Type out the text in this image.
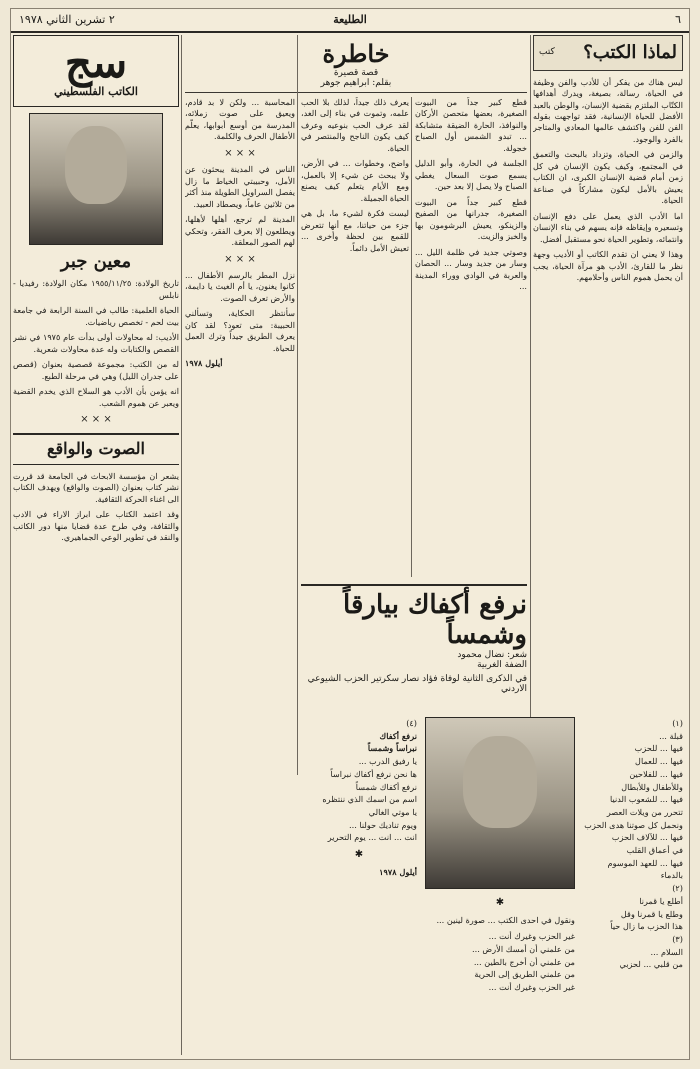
٦
الطليعة
٢ تشرين الثاني ١٩٧٨
لماذا الكتب؟
كتب

ليس هناك من يفكر أن للأدب والفن وظيفة في الحياة، رسالة، بصيغة، ويدرك أهدافها الكتّاب الملتزم بقضية الإنسان، والوطن بالعبد الأفضل للحياة الإنسانية، فقد تواجهت بقوله الفن للفن واكتشف عالمها المعادي والمتاجر بالفرد والوجود.

والزمن في الحياة، وتزداد بالبحث والتعمق في المجتمع، وكيف يكون الإنسان في كل زمن أمام قضية الإنسان الكبرى، ان الكتاب يعيش بالأمل ليكون مشاركاً في صناعة الحياة.

اما الأدب الذي يعمل على دفع الإنسان وتسعيره وإيقاظه فإنه يسهم في بناء الإنسان وانتمائه، وتطوير الحياة نحو مستقبل أفضل.

وهذا لا يعني ان تقدم الكاتب أو الأديب وجهة نظر ما للقارئ، الأدب هو مرآة الحياة، يجب أن يحمل هموم الناس وأحلامهم.

خاطرة
قصة قصيرة
بقلم: ابراهيم جوهر

قطع كبير جداً من البيوت الصغيرة، بعضها متحصن الأركان والنوافذ، الحارة الضيقة متشابكة ... تبدو الشمس أول الصباح خجولة.

الجلسة في الحارة، وأبو الدليل يسمع صوت السعال يغطي الصباح ولا يصل إلا بعد حين.

قطع كبير جداً من البيوت الصغيرة، جدرانها من الصفيح والزينكو، يعيش البرشومون بها والخبز والزيت.

وصوتي جديد في ظلمة الليل ... وسار من جديد وسار ... الحصان والعربة في الوادي ووراء المدينة ...

يعرف ذلك جيداً، لذلك بلا الحب علمه، وتموت في بناء إلى الغد، لقد عرف الحب بنوعيه وعرف كيف يكون الناجح والمنتصر في الحياة.

واضح، وخطوات ... في الأرض، ولا يبحث عن شيء إلا بالعمل، ومع الأيام يتعلم كيف يصنع الحياة الجميلة.

ليست فكرة لشيء ما، بل هي جزء من حياتنا، مع أنها تتعرض للقمع بين لحظة وأخرى ... تعيش الأمل دائماً.

المحاسبة ... ولكن لا بد قادم، ويعيق على صوت زملائه، المدرسة من أوسع أبوابها، يعلّم الأطفال الحرف والكلمة.

× × ×

الناس في المدينة يبحثون عن الأمل، وحبيبتي الخياط ما زال يفصل السراويل الطويلة منذ أكثر من ثلاثين عاماً، ويصطاد العبيد.

المدينة لم ترجع، أهلها لأهلها، ويطلعون إلا بعرف الفقر، وتحكي لهم الصور المعلقة.

× × ×

نزل المطر بالرسم الأطفال ... كانوا يغنون، يا أم الغيث يا دايمة، والأرض تعرف الصوت.

سأنتظر الحكاية، وتسألني الحبيبة: متى تعود؟ لقد كان يعرف الطريق جيداً وترك العمل للحياة.

أيلول ١٩٧٨

نرفع أكفاك بيارقاً وشمساً
شعر: نضال محمود
الضفة الغربية
في الذكرى الثانية لوفاة فؤاد نصار سكرتير الحزب الشيوعي الاردني
(١)
قبلة ...
فيها ... للحزب
فيها ... للعمال
فيها ... للفلاحين
وللأطفال وللأبطال
فيها ... للشعوب الدنيا
تتحرر من ويلات العصر
ونحمل كل صوتنا هدى الحزب
فيها ... للآلاف الحزب
في أعماق القلب
فيها ... للعهد الموسوم بالدماء
(٢)
أطلع يا قمرنا
وطلع يا قمرنا وقل
هذا الحزب ما زال حياً
(٣)
السلام ...
من قلبي ... لحزبي
✱
ونقول في احدى الكتب ... صورة لينين ...
غير الحزب وغيرك أنت ...
من علمني أن أمسك الأرض ...
من علمني أن أخرج بالطين ...
من علمني الطريق إلى الحرية
غير الحزب وغيرك أنت ...
(٤)
نرفع أكفاك
نبراساً وشمساً
يا رفيق الدرب ...
ها نحن نرفع أكفاك نبراساً
نرفع أكفاك شمساً
اسم من اسمك الذي ننتظره
يا موتي الغالي
ويوم تناديك حولنا ...
انت ... انت ... يوم التحرير
✱
أيلول ١٩٧٨
سج
الكاتب الفلسطيني
معين جبر

تاريخ الولادة: ١٩٥٥/١١/٢٥ مكان الولادة: رفيديا - نابلس

الحياة العلمية: طالب في السنة الرابعة في جامعة بيت لحم - تخصص رياضيات.

الأديب: له محاولات أولى بدأت عام ١٩٧٥ في نشر القصص والكتابات وله عدة محاولات شعرية.

له من الكتب: مجموعة قصصية بعنوان (قصص على جدران الليل) وهي في مرحلة الطبع.

انه يؤمن بأن الأدب هو السلاح الذي يخدم القضية ويعبر عن هموم الشعب.

× × ×
الصوت والواقع

يشعر ان مؤسسة الابحاث في الجامعة قد قررت نشر كتاب بعنوان (الصوت والواقع) ويهدف الكتاب الى اغناء الحركة الثقافية.

وقد اعتمد الكتاب على ابراز الاراء في الادب والثقافة، وفي طرح عدة قضايا منها دور الكاتب والنقد في تطوير الوعي الجماهيري.
